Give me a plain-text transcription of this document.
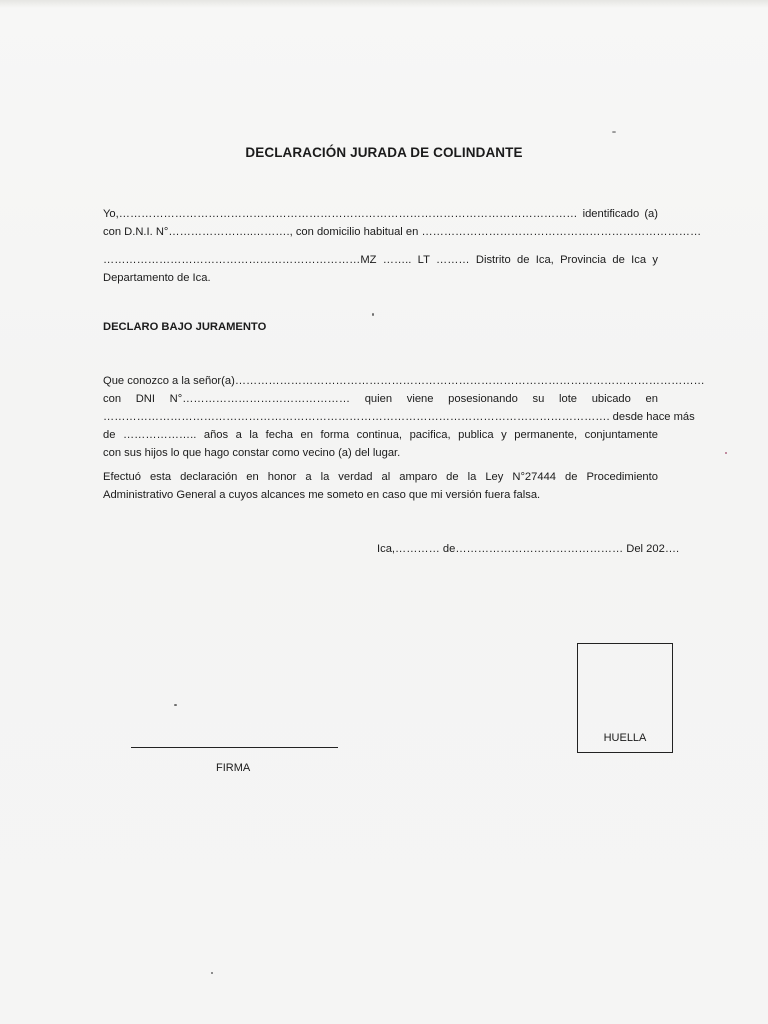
DECLARACIÓN JURADA DE COLINDANTE
Yo,…………………………………………………………………………………………………………… identificado (a)
con D.N.I. N°…………………..………., con domicilio habitual en …………………………………………………………………
……………………………………………………………MZ …….. LT ……… Distrito de Ica, Provincia de Ica y
Departamento de Ica.
DECLARO BAJO JURAMENTO
Que conozco a la señor(a)………………………………………………………………………………………………………………
con DNI N°……………………………………… quien viene posesionando su lote ubicado en
………………………………………………………………………………………………………………………. desde hace más
de ……………….. años a la fecha en forma continua, pacifica, publica y permanente, conjuntamente
con sus hijos lo que hago constar como vecino (a) del lugar.
Efectuó esta declaración en honor a la verdad al amparo de la Ley N°27444 de Procedimiento
Administrativo General a cuyos alcances me someto en caso que mi versión fuera falsa.
Ica,………… de……………………………………… Del 202….
HUELLA
FIRMA
